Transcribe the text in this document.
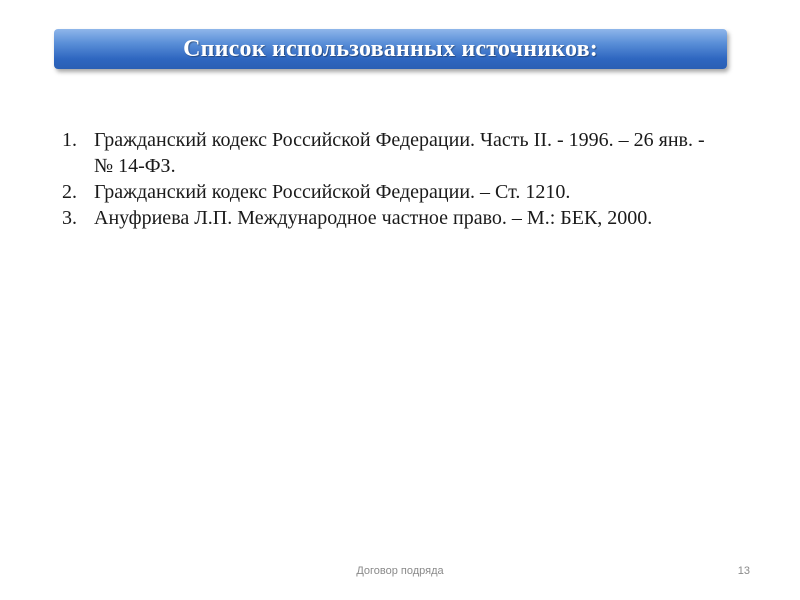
Список использованных источников:
1. Гражданский кодекс Российской Федерации. Часть II. - 1996. – 26 янв. - № 14-ФЗ.
2. Гражданский кодекс Российской Федерации. – Ст. 1210.
3. Ануфриева Л.П. Международное частное право. – М.: БЕК, 2000.
Договор подряда	13
